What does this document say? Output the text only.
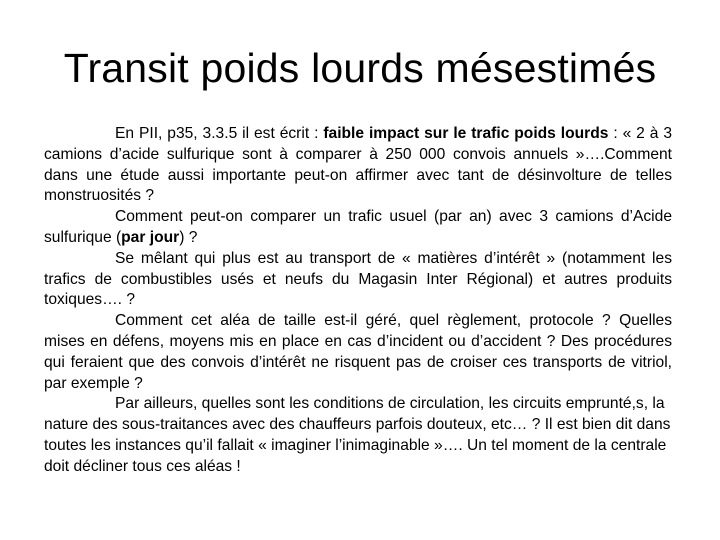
Transit poids lourds mésestimés

En PII, p35, 3.3.5 il est écrit : faible impact sur le trafic poids lourds : « 2 à 3 camions d’acide sulfurique sont à comparer à 250 000 convois annuels »….Comment dans une étude aussi importante peut-on affirmer avec tant de désinvolture de telles monstruosités ?

Comment peut-on comparer un trafic usuel (par an) avec 3 camions d’Acide sulfurique (par jour) ?

Se mêlant qui plus est au transport de « matières d’intérêt » (notamment les trafics de combustibles usés et neufs du Magasin Inter Régional) et autres produits toxiques…. ?

Comment cet aléa de taille est-il géré, quel règlement, protocole ? Quelles mises en défens, moyens mis en place en cas d’incident ou d’accident ? Des procédures qui feraient que des convois d’intérêt ne risquent pas de croiser ces transports de vitriol, par exemple ?

Par ailleurs, quelles sont les conditions de circulation, les circuits emprunté,s, la nature des sous-traitances avec des chauffeurs parfois douteux, etc… ? Il est bien dit dans toutes les instances qu’il fallait « imaginer l’inimaginable »…. Un tel moment de la centrale doit décliner tous ces aléas !
